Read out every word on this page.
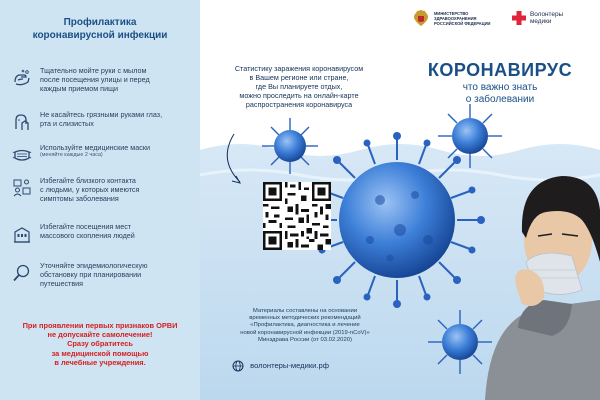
Профилактика
коронавирусной инфекции
Тщательно мойте руки с мылом
после посещения улицы и перед
каждым приемом пищи
Не касайтесь грязными руками глаз,
рта и слизистых
Используйте медицинские маски
(меняйте каждые 2 часа)
Избегайте близкого контакта
с людьми, у которых имеются
симптомы заболевания
Избегайте посещения мест
массового скопления людей
Уточняйте эпидемиологическую
обстановку при планировании
путешествия
При проявлении первых признаков ОРВИ
не допускайте самолечение!
Сразу обратитесь
за медицинской помощью
в лечебные учреждения.
Статистику заражения коронавирусом
в Вашем регионе или стране,
где Вы планируете отдых,
можно проследить на онлайн-карте
распространения коронавируса
Материалы составлены на основании
временных методических рекомендаций
«Профилактика, диагностика и лечение
новой коронавирусной инфекции (2019-nCoV)»
Минздрава России (от 03.02.2020)
волонтеры-медики.рф
МИНИСТЕРСТВО
ЗДРАВООХРАНЕНИЯ
РОССИЙСКОЙ ФЕДЕРАЦИИ
Волонтеры
медики
КОРОНАВИРУС
что важно знать
о заболевании
